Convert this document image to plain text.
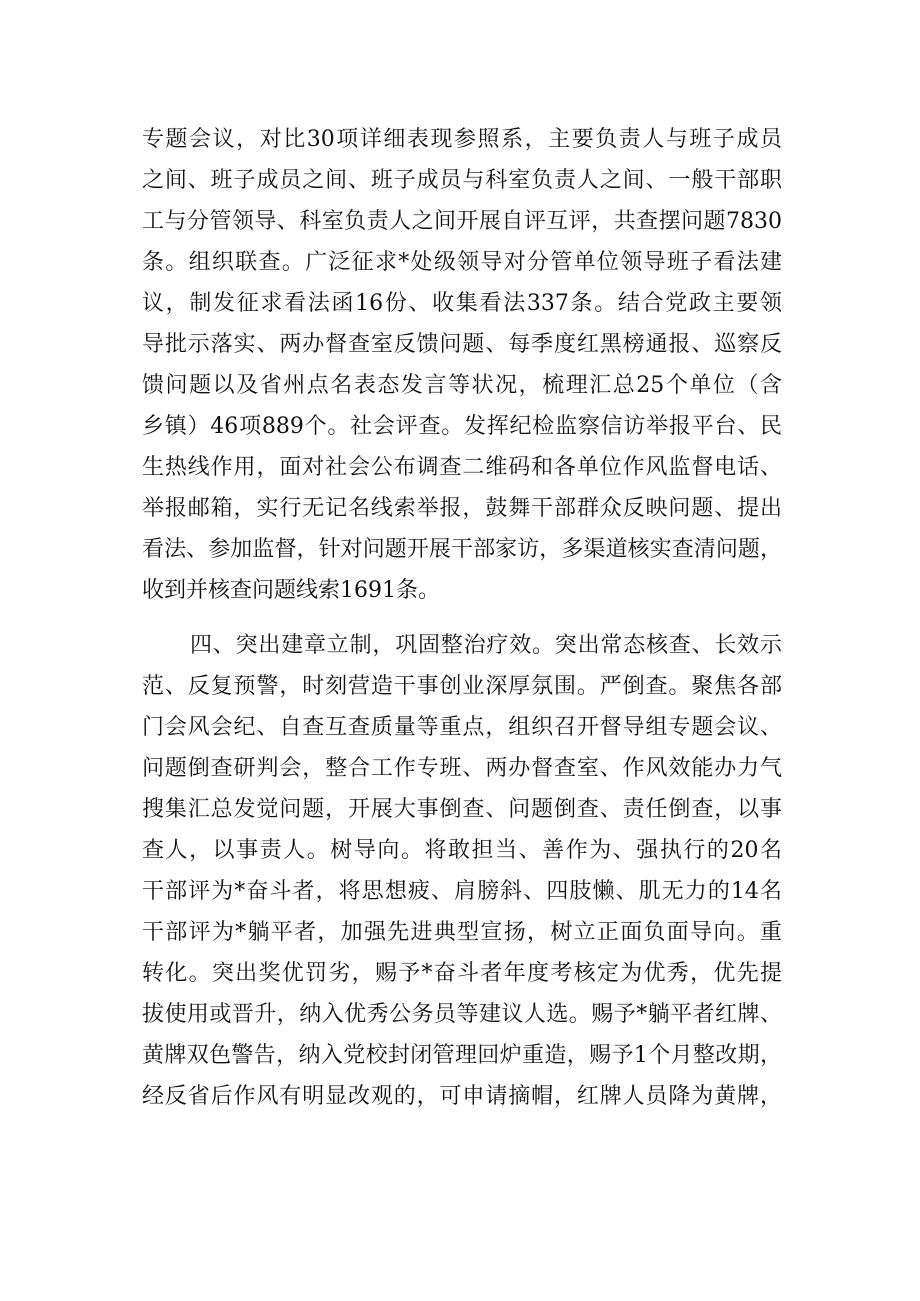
专题会议，对比30项详细表现参照系，主要负责人与班子成员
之间、班子成员之间、班子成员与科室负责人之间、一般干部职
工与分管领导、科室负责人之间开展自评互评，共查摆问题7830
条。组织联查。广泛征求*处级领导对分管单位领导班子看法建
议，制发征求看法函16份、收集看法337条。结合党政主要领
导批示落实、两办督查室反馈问题、每季度红黑榜通报、巡察反
馈问题以及省州点名表态发言等状况，梳理汇总25个单位（含
乡镇）46项889个。社会评查。发挥纪检监察信访举报平台、民
生热线作用，面对社会公布调查二维码和各单位作风监督电话、
举报邮箱，实行无记名线索举报，鼓舞干部群众反映问题、提出
看法、参加监督，针对问题开展干部家访，多渠道核实查清问题，
收到并核查问题线索1691条。
四、突出建章立制，巩固整治疗效。突出常态核查、长效示
范、反复预警，时刻营造干事创业深厚氛围。严倒查。聚焦各部
门会风会纪、自查互查质量等重点，组织召开督导组专题会议、
问题倒查研判会，整合工作专班、两办督查室、作风效能办力气
搜集汇总发觉问题，开展大事倒查、问题倒查、责任倒查，以事
查人，以事责人。树导向。将敢担当、善作为、强执行的20名
干部评为*奋斗者，将思想疲、肩膀斜、四肢懒、肌无力的14名
干部评为*躺平者，加强先进典型宣扬，树立正面负面导向。重
转化。突出奖优罚劣，赐予*奋斗者年度考核定为优秀，优先提
拔使用或晋升，纳入优秀公务员等建议人选。赐予*躺平者红牌、
黄牌双色警告，纳入党校封闭管理回炉重造，赐予1个月整改期，
经反省后作风有明显改观的，可申请摘帽，红牌人员降为黄牌，
